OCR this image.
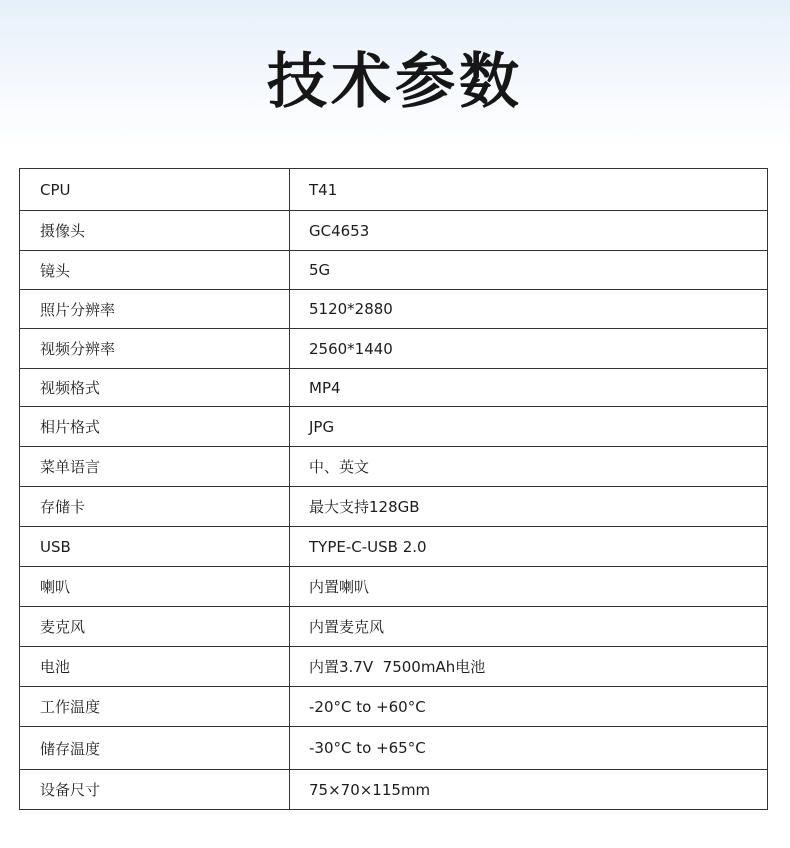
技术参数
CPU	T41
摄像头	GC4653
镜头	5G
照片分辨率	5120*2880
视频分辨率	2560*1440
视频格式	MP4
相片格式	JPG
菜单语言	中、英文
存储卡	最大支持128GB
USB	TYPE-C-USB 2.0
喇叭	内置喇叭
麦克风	内置麦克风
电池	内置3.7V  7500mAh电池
工作温度	-20°C to +60°C
储存温度	-30°C to +65°C
设备尺寸	75×70×115mm
